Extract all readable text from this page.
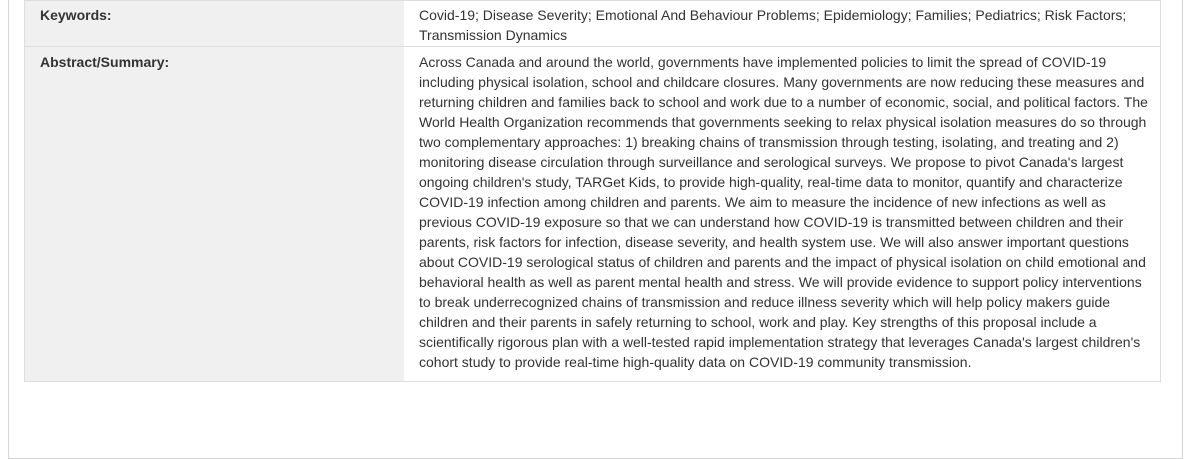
Keywords:	Covid-19; Disease Severity; Emotional And Behaviour Problems; Epidemiology; Families; Pediatrics; Risk Factors; Transmission Dynamics
Abstract/Summary:	Across Canada and around the world, governments have implemented policies to limit the spread of COVID-19 including physical isolation, school and childcare closures. Many governments are now reducing these measures and returning children and families back to school and work due to a number of economic, social, and political factors. The World Health Organization recommends that governments seeking to relax physical isolation measures do so through two complementary approaches: 1) breaking chains of transmission through testing, isolating, and treating and 2) monitoring disease circulation through surveillance and serological surveys. We propose to pivot Canada's largest ongoing children's study, TARGet Kids, to provide high-quality, real-time data to monitor, quantify and characterize COVID-19 infection among children and parents. We aim to measure the incidence of new infections as well as previous COVID-19 exposure so that we can understand how COVID-19 is transmitted between children and their parents, risk factors for infection, disease severity, and health system use. We will also answer important questions about COVID-19 serological status of children and parents and the impact of physical isolation on child emotional and behavioral health as well as parent mental health and stress. We will provide evidence to support policy interventions to break underrecognized chains of transmission and reduce illness severity which will help policy makers guide children and their parents in safely returning to school, work and play. Key strengths of this proposal include a scientifically rigorous plan with a well-tested rapid implementation strategy that leverages Canada's largest children's cohort study to provide real-time high-quality data on COVID-19 community transmission.
